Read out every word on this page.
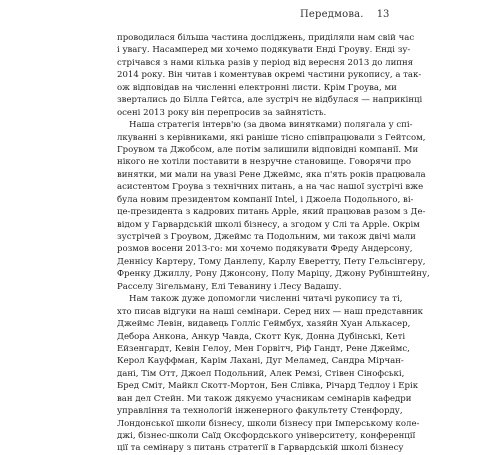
Передмова. 13
проводилася більша частина досліджень, приділяли нам свій час
і увагу. Насамперед ми хочемо подякувати Енді Гроуву. Енді зу-
стрічався з нами кілька разів у період від вересня 2013 до липня
2014 року. Він читав і коментував окремі частини рукопису, а так-
ож відповідав на численні електронні листи. Крім Гроува, ми
звертались до Білла Гейтса, але зустріч не відбулася — наприкінці
осені 2013 року він перепросив за зайнятість.
Наша стратегія інтерв'ю (за двома винятками) полягала у спі-
лкуванні з керівниками, які раніше тісно співпрацювали з Гейтсом,
Гроувом та Джобсом, але потім залишили відповідні компанії. Ми
нікого не хотіли поставити в незручне становище. Говорячи про
винятки, ми мали на увазі Рене Джеймс, яка п'ять років працювала
асистентом Гроува з технічних питань, а на час нашої зустрічі вже
була новим президентом компанії Intel, і Джоела Подольного, ві-
це-президента з кадрових питань Apple, який працював разом з Де-
відом у Гарвардській школі бізнесу, а згодом у Слі та Apple. Окрім
зустрічей з Гроувом, Джеймс та Подольним, ми також двічі мали
розмов восени 2013-го: ми хочемо подякувати Фреду Андерсону,
Деннісу Картеру, Тому Данлепу, Карлу Евереттy, Пету Гельсінгеру,
Френку Джиллу, Рону Джонсону, Полу Маріцу, Джону Рубінштейну,
Расселу Зігельману, Елі Теванину і Лесу Вадашу.
Нам також дуже допомогли численні читачі рукопису та ті,
хто писав відгуки на наші семінари. Серед них — наш представник
Джеймс Левін, видавець Голліс Геймбух, хазяйн Хуан Алькасер,
Дебора Анкона, Анкур Чавда, Скотт Кук, Донна Дубінські, Кеті
Ейзенгардт, Кевін Гелоу, Мен Горвітч, Ріф Гандт, Рене Джеймс,
Керол Кауффман, Карім Лахані, Дуг Меламед, Сандра Мірчан-
дані, Тім Отт, Джоел Подольний, Алек Ремзі, Стівен Сінофські,
Бред Сміт, Майкл Скотт-Мортон, Бен Слівка, Річард Тедлоу і Ерік
ван дел Стейн. Ми також дякуємо учасникам семінарів кафедри
управління та технологій інженерного факультету Стенфорду,
Лондонської школи бізнесу, школи бізнесу при Імперському коле-
джі, бізнес-школи Саїд Оксфордського університету, конференції
ції та семінару з питань стратегії в Гарвардській школі бізнесу
